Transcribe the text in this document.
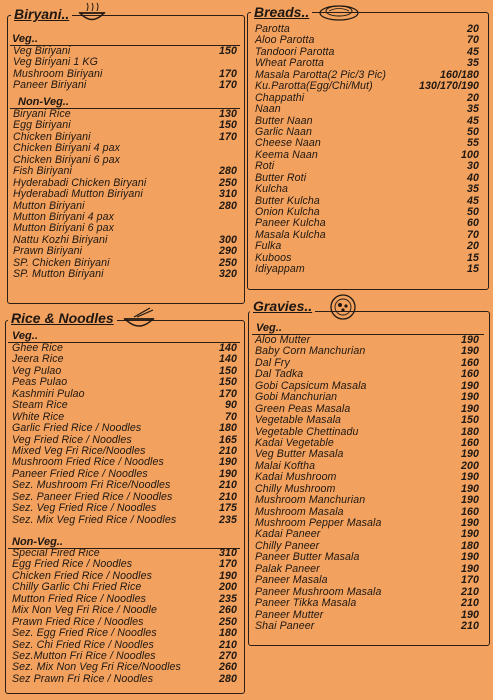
Biryani..
Veg..
Veg Biriyani	150
Veg Biriyani 1 KG
Mushroom Biriyani	170
Paneer Biriyani	170
Non-Veg..
Biryani Rice	130
Egg Biriyani	150
Chicken Biriyani	170
Chicken Biriyani 4 pax
Chicken Biriyani 6 pax
Fish Biriyani	280
Hyderabadi Chicken Biryani	250
Hyderabadi Mutton Biriyani	310
Mutton Biriyani	280
Mutton Biriyani 4 pax
Mutton Biriyani 6 pax
Nattu Kozhi Biriyani	300
Prawn Biriyani	290
SP. Chicken Biriyani	250
SP. Mutton Biriyani	320
Breads..
Parotta	20
Aloo Parotta	70
Tandoori Parotta	45
Wheat Parotta	35
Masala Parotta(2 Pic/3 Pic)	160/180
Ku.Parotta(Egg/Chi/Mut)	130/170/190
Chappathi	20
Naan	35
Butter Naan	45
Garlic Naan	50
Cheese Naan	55
Keema Naan	100
Roti	30
Butter Roti	40
Kulcha	35
Butter Kulcha	45
Onion Kulcha	50
Paneer Kulcha	60
Masala Kulcha	70
Fulka	20
Kuboos	15
Idiyappam	15
Rice & Noodles
Veg..
Ghee Rice	140
Jeera Rice	140
Veg Pulao	150
Peas Pulao	150
Kashmiri Pulao	170
Steam Rice	90
White Rice	70
Garlic Fried Rice / Noodles	180
Veg Fried Rice / Noodles	165
Mixed Veg Fri Rice/Noodles	210
Mushroom Fried Rice / Noodles	190
Paneer Fried Rice / Noodles	190
Sez. Mushroom Fri Rice/Noodles	210
Sez. Paneer Fried Rice / Noodles	210
Sez. Veg Fried Rice / Noodles	175
Sez. Mix Veg Fried Rice / Noodles	235
Non-Veg..
Special Fired Rice	310
Egg Fried Rice / Noodles	170
Chicken Fried Rice / Noodles	190
Chilly Garlic Chi Fried Rice	200
Mutton Fried Rice / Noodles	235
Mix Non Veg Fri Rice / Noodle	260
Prawn Fried Rice / Noodles	250
Sez. Egg Fried Rice / Noodles	180
Sez. Chi Fried Rice / Noodles	210
Sez.Mutton Fri Rice / Noodles	270
Sez. Mix Non Veg Fri Rice/Noodles	260
Sez Prawn Fri Rice / Noodles	280
Gravies..
Veg..
Aloo Mutter	190
Baby Corn Manchurian	190
Dal Fry	160
Dal Tadka	160
Gobi Capsicum Masala	190
Gobi Manchurian	190
Green Peas Masala	190
Vegetable Masala	150
Vegetable Chettinadu	180
Kadai Vegetable	160
Veg Butter Masala	190
Malai Koftha	200
Kadai Mushroom	190
Chilly Mushroom	190
Mushroom Manchurian	190
Mushroom Masala	160
Mushroom Pepper Masala	190
Kadai Paneer	190
Chilly Paneer	180
Paneer Butter Masala	190
Palak Paneer	190
Paneer Masala	170
Paneer Mushroom Masala	210
Paneer Tikka Masala	210
Paneer Mutter	190
Shai Paneer	210
